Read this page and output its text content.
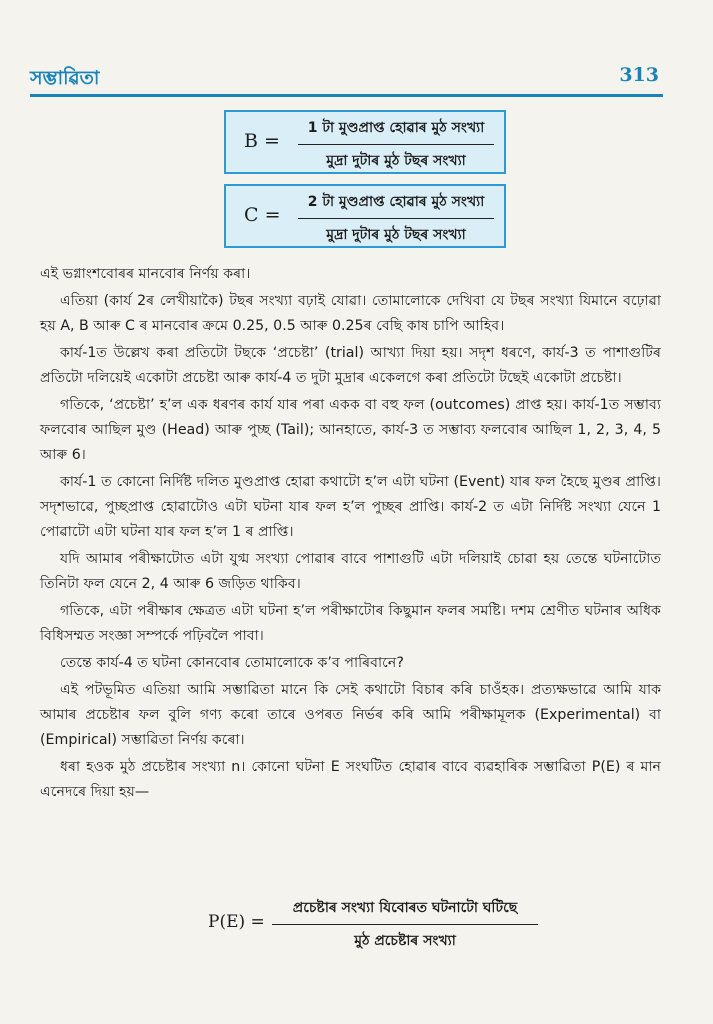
সম্ভাৱিতা	313
B =
1 টা মুণ্ডপ্ৰাপ্ত হোৱাৰ মুঠ সংখ্যা
মুদ্ৰা দুটাৰ মুঠ টছৰ সংখ্যা
C =
2 টা মুণ্ডপ্ৰাপ্ত হোৱাৰ মুঠ সংখ্যা
মুদ্ৰা দুটাৰ মুঠ টছৰ সংখ্যা

এই ভগ্নাংশবোৰৰ মানবোৰ নিৰ্ণয় কৰা।

এতিয়া (কাৰ্য 2ৰ লেখীয়াকৈ) টছৰ সংখ্যা বঢ়াই যোৱা। তোমালোকে দেখিবা যে টছৰ সংখ্যা যিমানে বঢ়োৱা হয় A, B আৰু C ৰ মানবোৰ ক্ৰমে 0.25, 0.5 আৰু 0.25ৰ বেছি কাষ চাপি আহিব।

কাৰ্য-1ত উল্লেখ কৰা প্ৰতিটো টছকে ‘প্ৰচেষ্টা’ (trial) আখ্যা দিয়া হয়। সদৃশ ধৰণে, কাৰ্য-3 ত পাশাগুটিৰ প্ৰতিটো দলিয়েই একোটা প্ৰচেষ্টা আৰু কাৰ্য-4 ত দুটা মুদ্ৰাৰ একেলগে কৰা প্ৰতিটো টছেই একোটা প্ৰচেষ্টা।

গতিকে, ‘প্ৰচেষ্টা’ হ’ল এক ধৰণৰ কাৰ্য যাৰ পৰা একক বা বহু ফল (outcomes) প্ৰাপ্ত হয়। কাৰ্য-1ত সম্ভাব্য ফলবোৰ আছিল মুণ্ড (Head) আৰু পুচ্ছ (Tail); আনহাতে, কাৰ্য-3 ত সম্ভাব্য ফলবোৰ আছিল 1, 2, 3, 4, 5 আৰু 6।

কাৰ্য-1 ত কোনো নিৰ্দিষ্ট দলিত মুণ্ডপ্ৰাপ্ত হোৱা কথাটো হ’ল এটা ঘটনা (Event) যাৰ ফল হৈছে মুণ্ডৰ প্ৰাপ্তি। সদৃশভাৱে, পুচ্ছপ্ৰাপ্ত হোৱাটোও এটা ঘটনা যাৰ ফল হ’ল পুচ্ছৰ প্ৰাপ্তি। কাৰ্য-2 ত এটা নিৰ্দিষ্ট সংখ্যা যেনে 1 পোৱাটো এটা ঘটনা যাৰ ফল হ’ল 1 ৰ প্ৰাপ্তি।

যদি আমাৰ পৰীক্ষাটোত এটা যুগ্ম সংখ্যা পোৱাৰ বাবে পাশাগুটি এটা দলিয়াই চোৱা হয় তেন্তে ঘটনাটোত তিনিটা ফল যেনে 2, 4 আৰু 6 জড়িত থাকিব।

গতিকে, এটা পৰীক্ষাৰ ক্ষেত্ৰত এটা ঘটনা হ’ল পৰীক্ষাটোৰ কিছুমান ফলৰ সমষ্টি। দশম শ্ৰেণীত ঘটনাৰ অধিক বিধিসম্মত সংজ্ঞা সম্পৰ্কে পঢ়িবলৈ পাবা।

তেন্তে কাৰ্য-4 ত ঘটনা কোনবোৰ তোমালোকে ক’ব পাৰিবানে?

এই পটভূমিত এতিয়া আমি সম্ভাৱিতা মানে কি সেই কথাটো বিচাৰ কৰি চাওঁহক। প্ৰত্যক্ষভাৱে আমি যাক আমাৰ প্ৰচেষ্টাৰ ফল বুলি গণ্য কৰো তাৰে ওপৰত নিৰ্ভৰ কৰি আমি পৰীক্ষামূলক (Experimental) বা (Empirical) সম্ভাৱিতা নিৰ্ণয় কৰো।

ধৰা হওক মুঠ প্ৰচেষ্টাৰ সংখ্যা n। কোনো ঘটনা E সংঘটিত হোৱাৰ বাবে ব্যৱহাৰিক সম্ভাৱিতা P(E) ৰ মান এনেদৰে দিয়া হয়—

P(E) =
প্ৰচেষ্টাৰ সংখ্যা যিবোৰত ঘটনাটো ঘটিছে
মুঠ প্ৰচেষ্টাৰ সংখ্যা
